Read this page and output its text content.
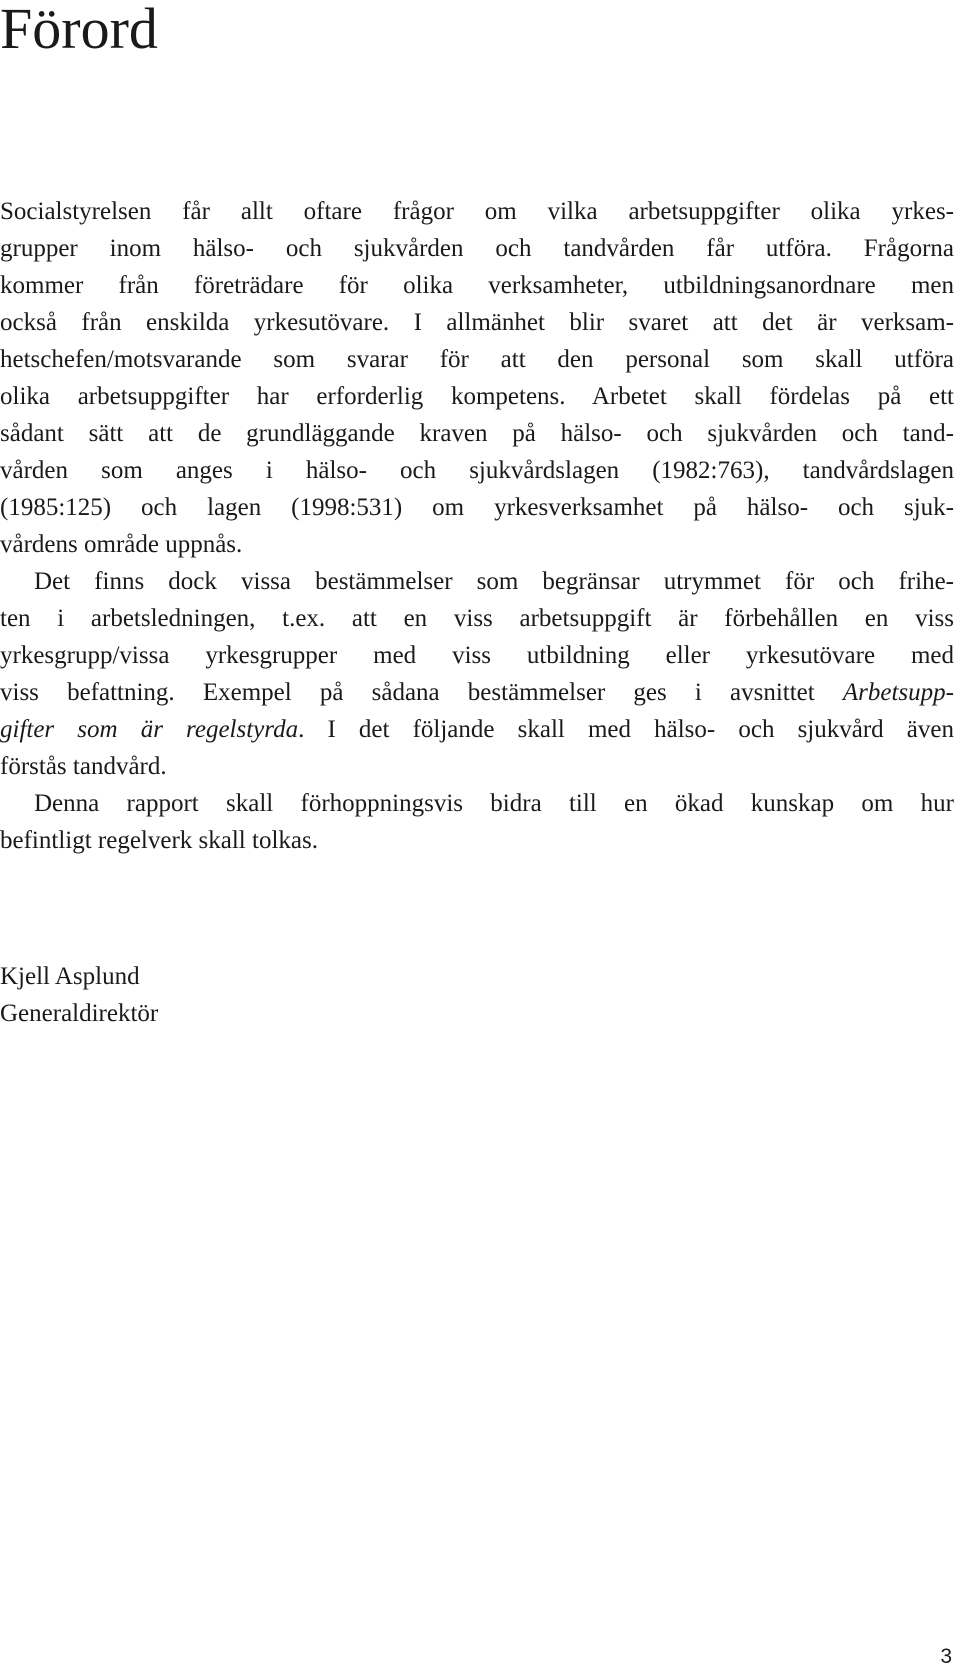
Förord
Socialstyrelsen får allt oftare frågor om vilka arbetsuppgifter olika yrkes-
grupper inom hälso- och sjukvården och tandvården får utföra. Frågorna
kommer från företrädare för olika verksamheter, utbildningsanordnare men
också från enskilda yrkesutövare. I allmänhet blir svaret att det är verksam-
hetschefen/motsvarande som svarar för att den personal som skall utföra
olika arbetsuppgifter har erforderlig kompetens. Arbetet skall fördelas på ett
sådant sätt att de grundläggande kraven på hälso- och sjukvården och tand-
vården som anges i hälso- och sjukvårdslagen (1982:763), tandvårdslagen
(1985:125) och lagen (1998:531) om yrkesverksamhet på hälso- och sjuk-
vårdens område uppnås.
Det finns dock vissa bestämmelser som begränsar utrymmet för och frihe-
ten i arbetsledningen, t.ex. att en viss arbetsuppgift är förbehållen en viss
yrkesgrupp/vissa yrkesgrupper med viss utbildning eller yrkesutövare med
viss befattning. Exempel på sådana bestämmelser ges i avsnittet Arbetsupp-
gifter som är regelstyrda. I det följande skall med hälso- och sjukvård även
förstås tandvård.
Denna rapport skall förhoppningsvis bidra till en ökad kunskap om hur
befintligt regelverk skall tolkas.
Kjell Asplund
Generaldirektör
3
